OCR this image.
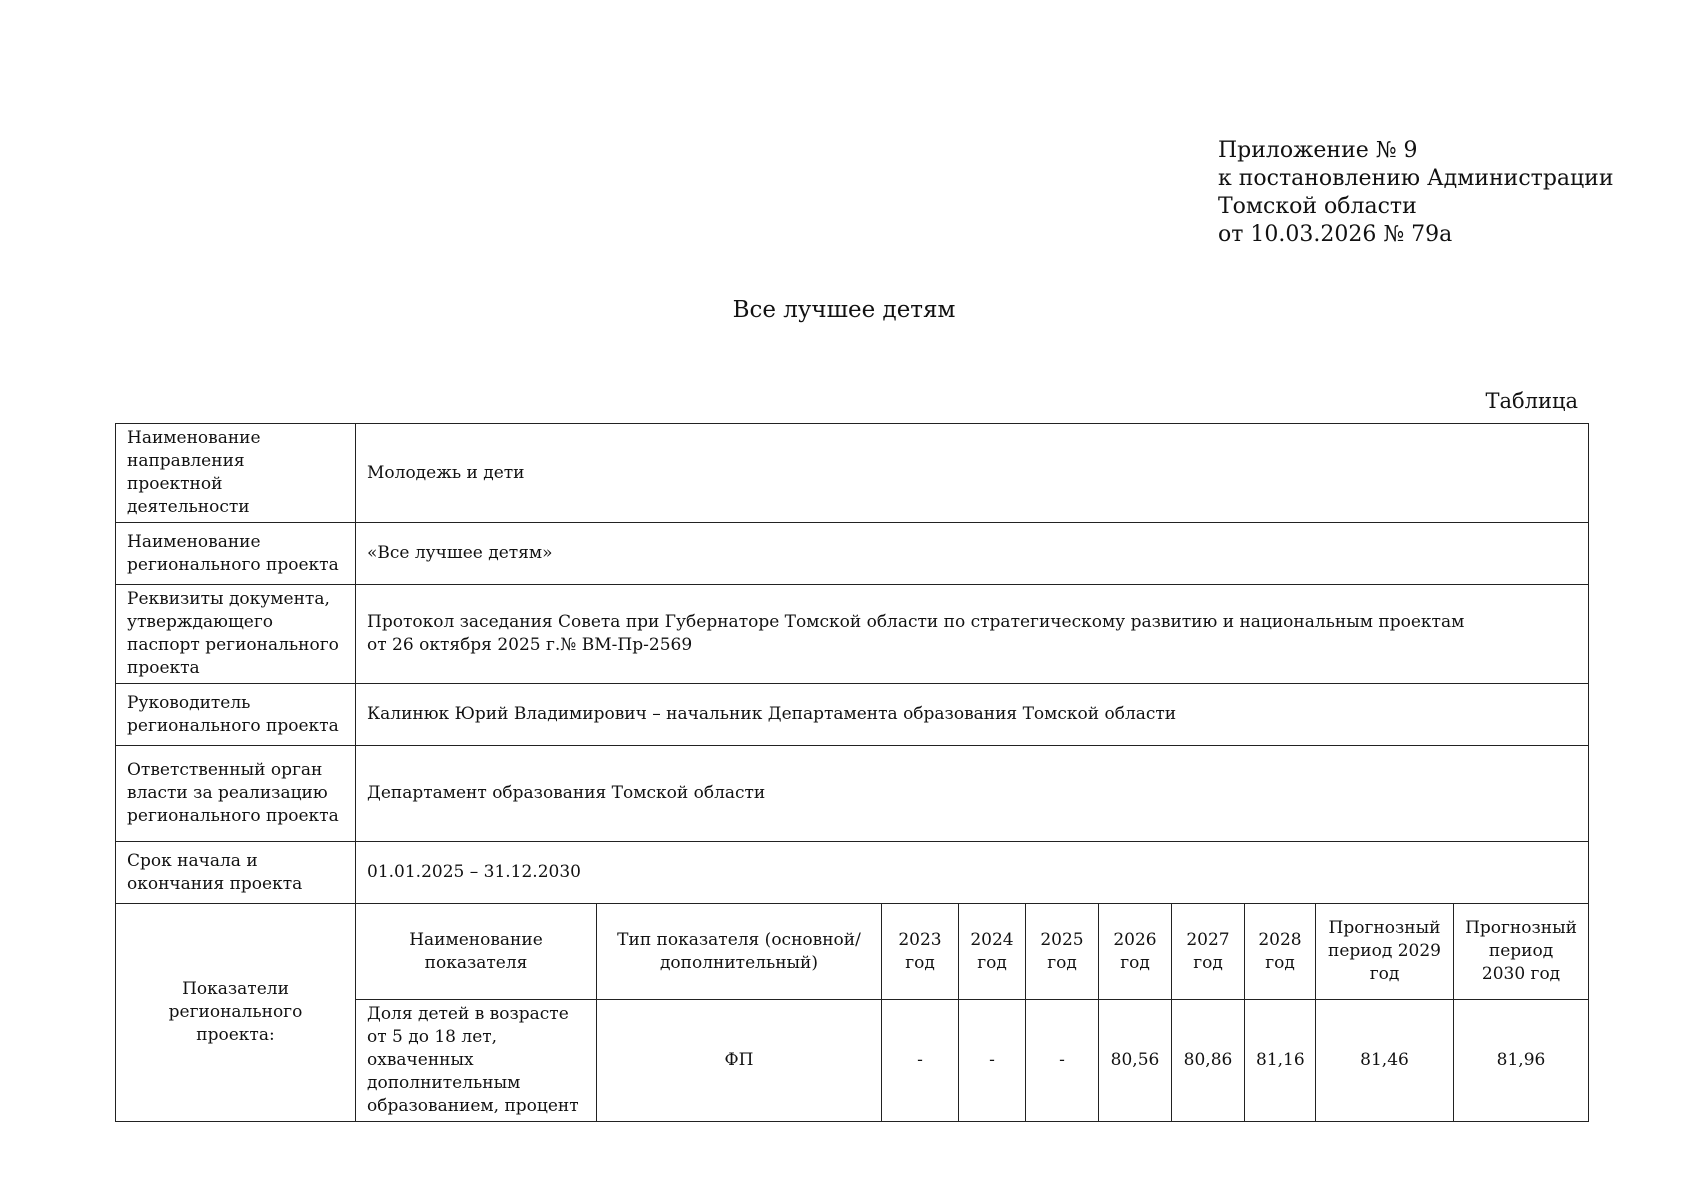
Приложение № 9
к постановлению Администрации
Томской области
от 10.03.2026 № 79а
Все лучшее детям
Таблица
Наименование направления проектной деятельности	Молодежь и дети									
Наименование регионального проекта	«Все лучшее детям»									
Реквизиты документа, утверждающего паспорт регионального проекта	Протокол заседания Совета при Губернаторе Томской области по стратегическому развитию и национальным проектам
от 26 октября 2025 г.№ ВМ-Пр-2569									

Руководитель регионального проекта	Калинюк Юрий Владимирович – начальник Департамента образования Томской области									
Ответственный орган власти за реализацию регионального проекта	Департамент образования Томской области									
Срок начала и окончания проекта	01.01.2025 – 31.12.2030									
Показатели регионального проекта:	Наименование показателя	Тип показателя (основной/дополнительный)	2023 год	2024 год	2025 год	2026 год	2027 год	2028 год	Прогнозный период 2029 год	Прогнозный период 2030 год
	Доля детей в возрасте от 5 до 18 лет, охваченных дополнительным образованием, процент	ФП	-	-	-	80,56	80,86	81,16	81,46	81,96
